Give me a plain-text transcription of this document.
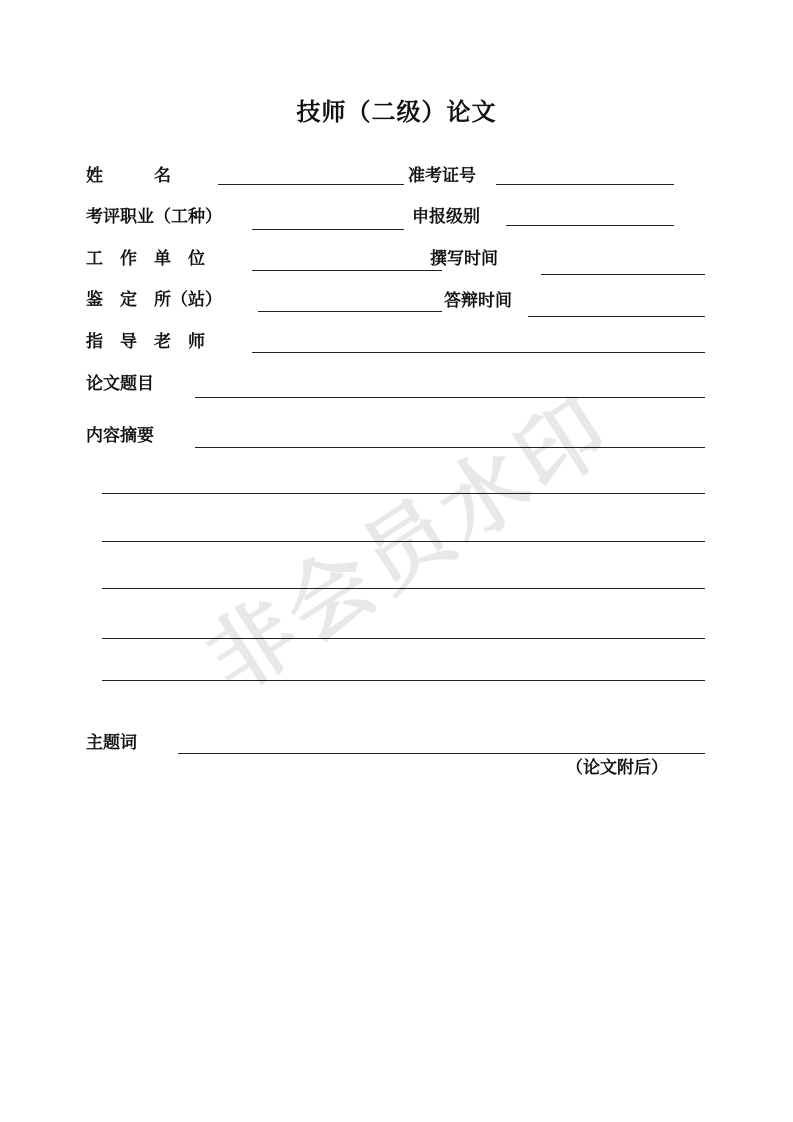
技师（二级）论文
姓　　　名	准考证号
考评职业（工种）	申报级别
工　作　单　位	撰写时间
鉴　定　所（站）	答辩时间
指　导　老　师
论文题目
内容摘要
主题词
（论文附后）
非会员水印
